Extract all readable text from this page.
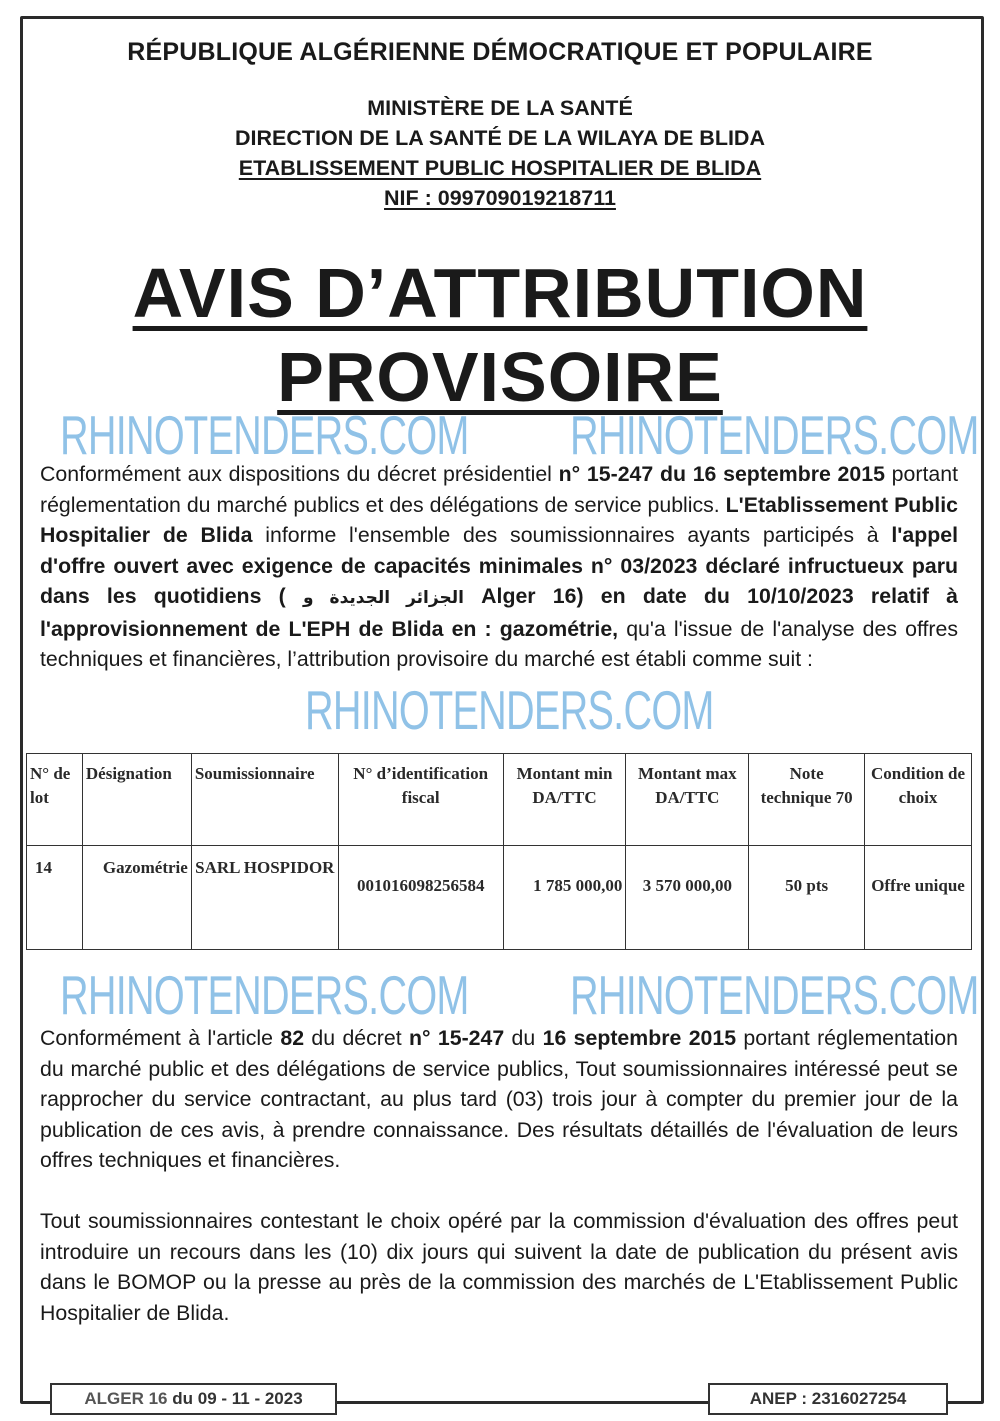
RÉPUBLIQUE ALGÉRIENNE DÉMOCRATIQUE ET POPULAIRE
MINISTÈRE DE LA SANTÉ
DIRECTION DE LA SANTÉ DE LA WILAYA DE BLIDA
ETABLISSEMENT PUBLIC HOSPITALIER DE BLIDA
NIF : 099709019218711
AVIS D’ATTRIBUTION
PROVISOIRE
RHINOTENDERS.COM RHINOTENDERS.COM
Conformément aux dispositions du décret présidentiel n° 15-247 du 16 septembre 2015 portant réglementation du marché publics et des délégations de service publics. L'Etablissement Public Hospitalier de Blida informe l'ensemble des soumissionnaires ayants participés à l'appel d'offre ouvert avec exigence de capacités minimales n° 03/2023 déclaré infructueux paru dans les quotidiens ( الجزائر الجديدة و Alger 16) en date du 10/10/2023 relatif à l'approvisionnement de L'EPH de Blida en : gazométrie, qu'a l'issue de l'analyse des offres techniques et financières, l’attribution provisoire du marché est établi comme suit :
RHINOTENDERS.COM
N° de lot	Désignation	Soumissionnaire	N° d’identification fiscal	Montant min DA/TTC	Montant max DA/TTC	Note technique 70	Condition de choix
14	Gazométrie	SARL HOSPIDOR	001016098256584	1 785 000,00	3 570 000,00	50 pts	Offre unique
RHINOTENDERS.COM RHINOTENDERS.COM
Conformément à l'article 82 du décret n° 15-247 du 16 septembre 2015 portant réglementation du marché public et des délégations de service publics, Tout soumissionnaires intéressé peut se rapprocher du service contractant, au plus tard (03) trois jour à compter du premier jour de la publication de ces avis, à prendre connaissance. Des résultats détaillés de l'évaluation de leurs offres techniques et financières.
Tout soumissionnaires contestant le choix opéré par la commission d'évaluation des offres peut introduire un recours dans les (10) dix jours qui suivent la date de publication du présent avis dans le BOMOP ou la presse au près de la commission des marchés de L'Etablissement Public Hospitalier de Blida.
ALGER 16 du 09 - 11 - 2023	ANEP : 2316027254
